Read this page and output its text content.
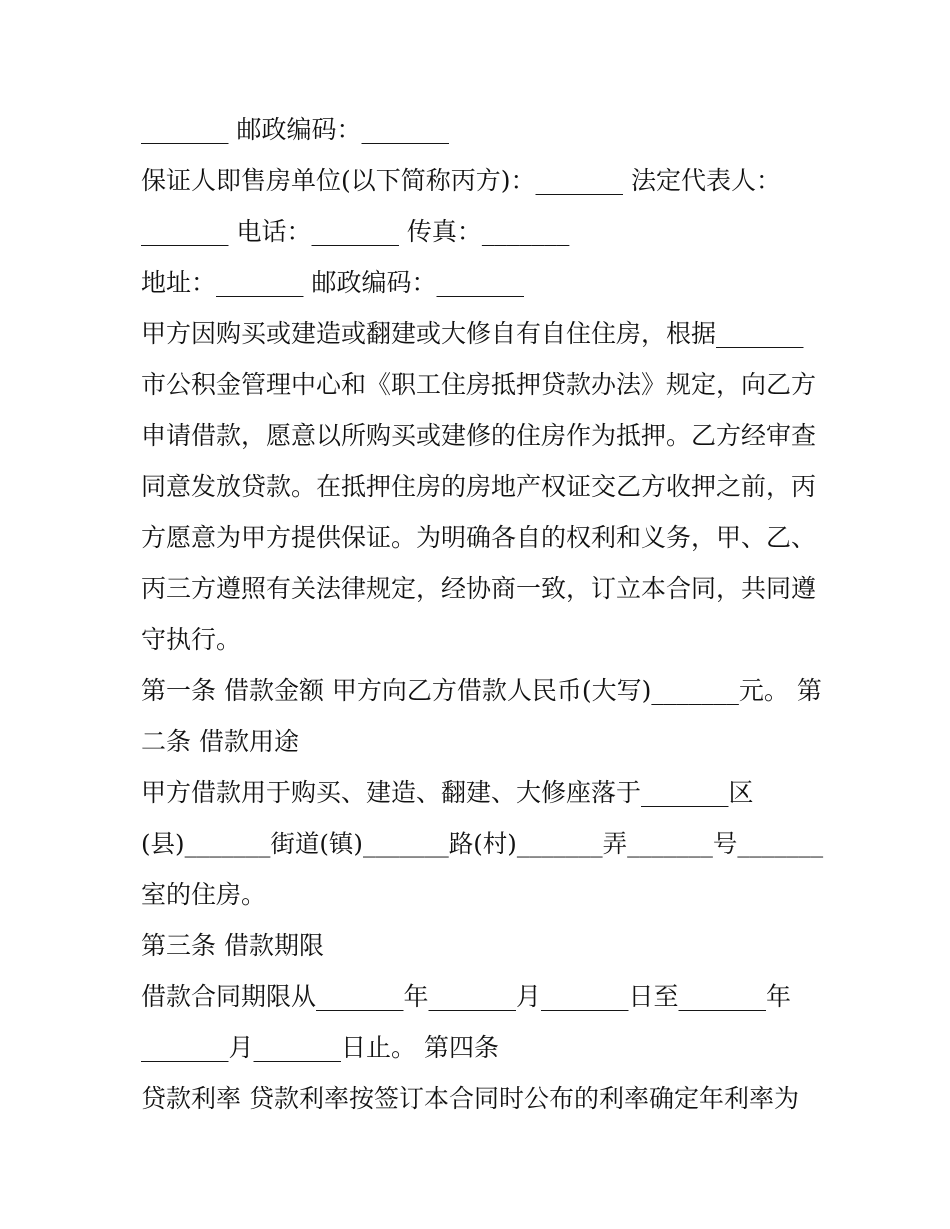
_______ 邮政编码：_______
保证人即售房单位(以下简称丙方)：_______ 法定代表人：
_______ 电话：_______ 传真：_______
地址：_______ 邮政编码：_______
甲方因购买或建造或翻建或大修自有自住住房，根据_______
市公积金管理中心和《职工住房抵押贷款办法》规定，向乙方
申请借款，愿意以所购买或建修的住房作为抵押。乙方经审查
同意发放贷款。在抵押住房的房地产权证交乙方收押之前，丙
方愿意为甲方提供保证。为明确各自的权利和义务，甲、乙、
丙三方遵照有关法律规定，经协商一致，订立本合同，共同遵
守执行。
第一条 借款金额 甲方向乙方借款人民币(大写)_______元。 第
二条 借款用途
甲方借款用于购买、建造、翻建、大修座落于_______区
(县)_______街道(镇)_______路(村)_______弄_______号_______
室的住房。
第三条 借款期限
借款合同期限从_______年_______月_______日至_______年
_______月_______日止。 第四条
贷款利率 贷款利率按签订本合同时公布的利率确定年利率为
